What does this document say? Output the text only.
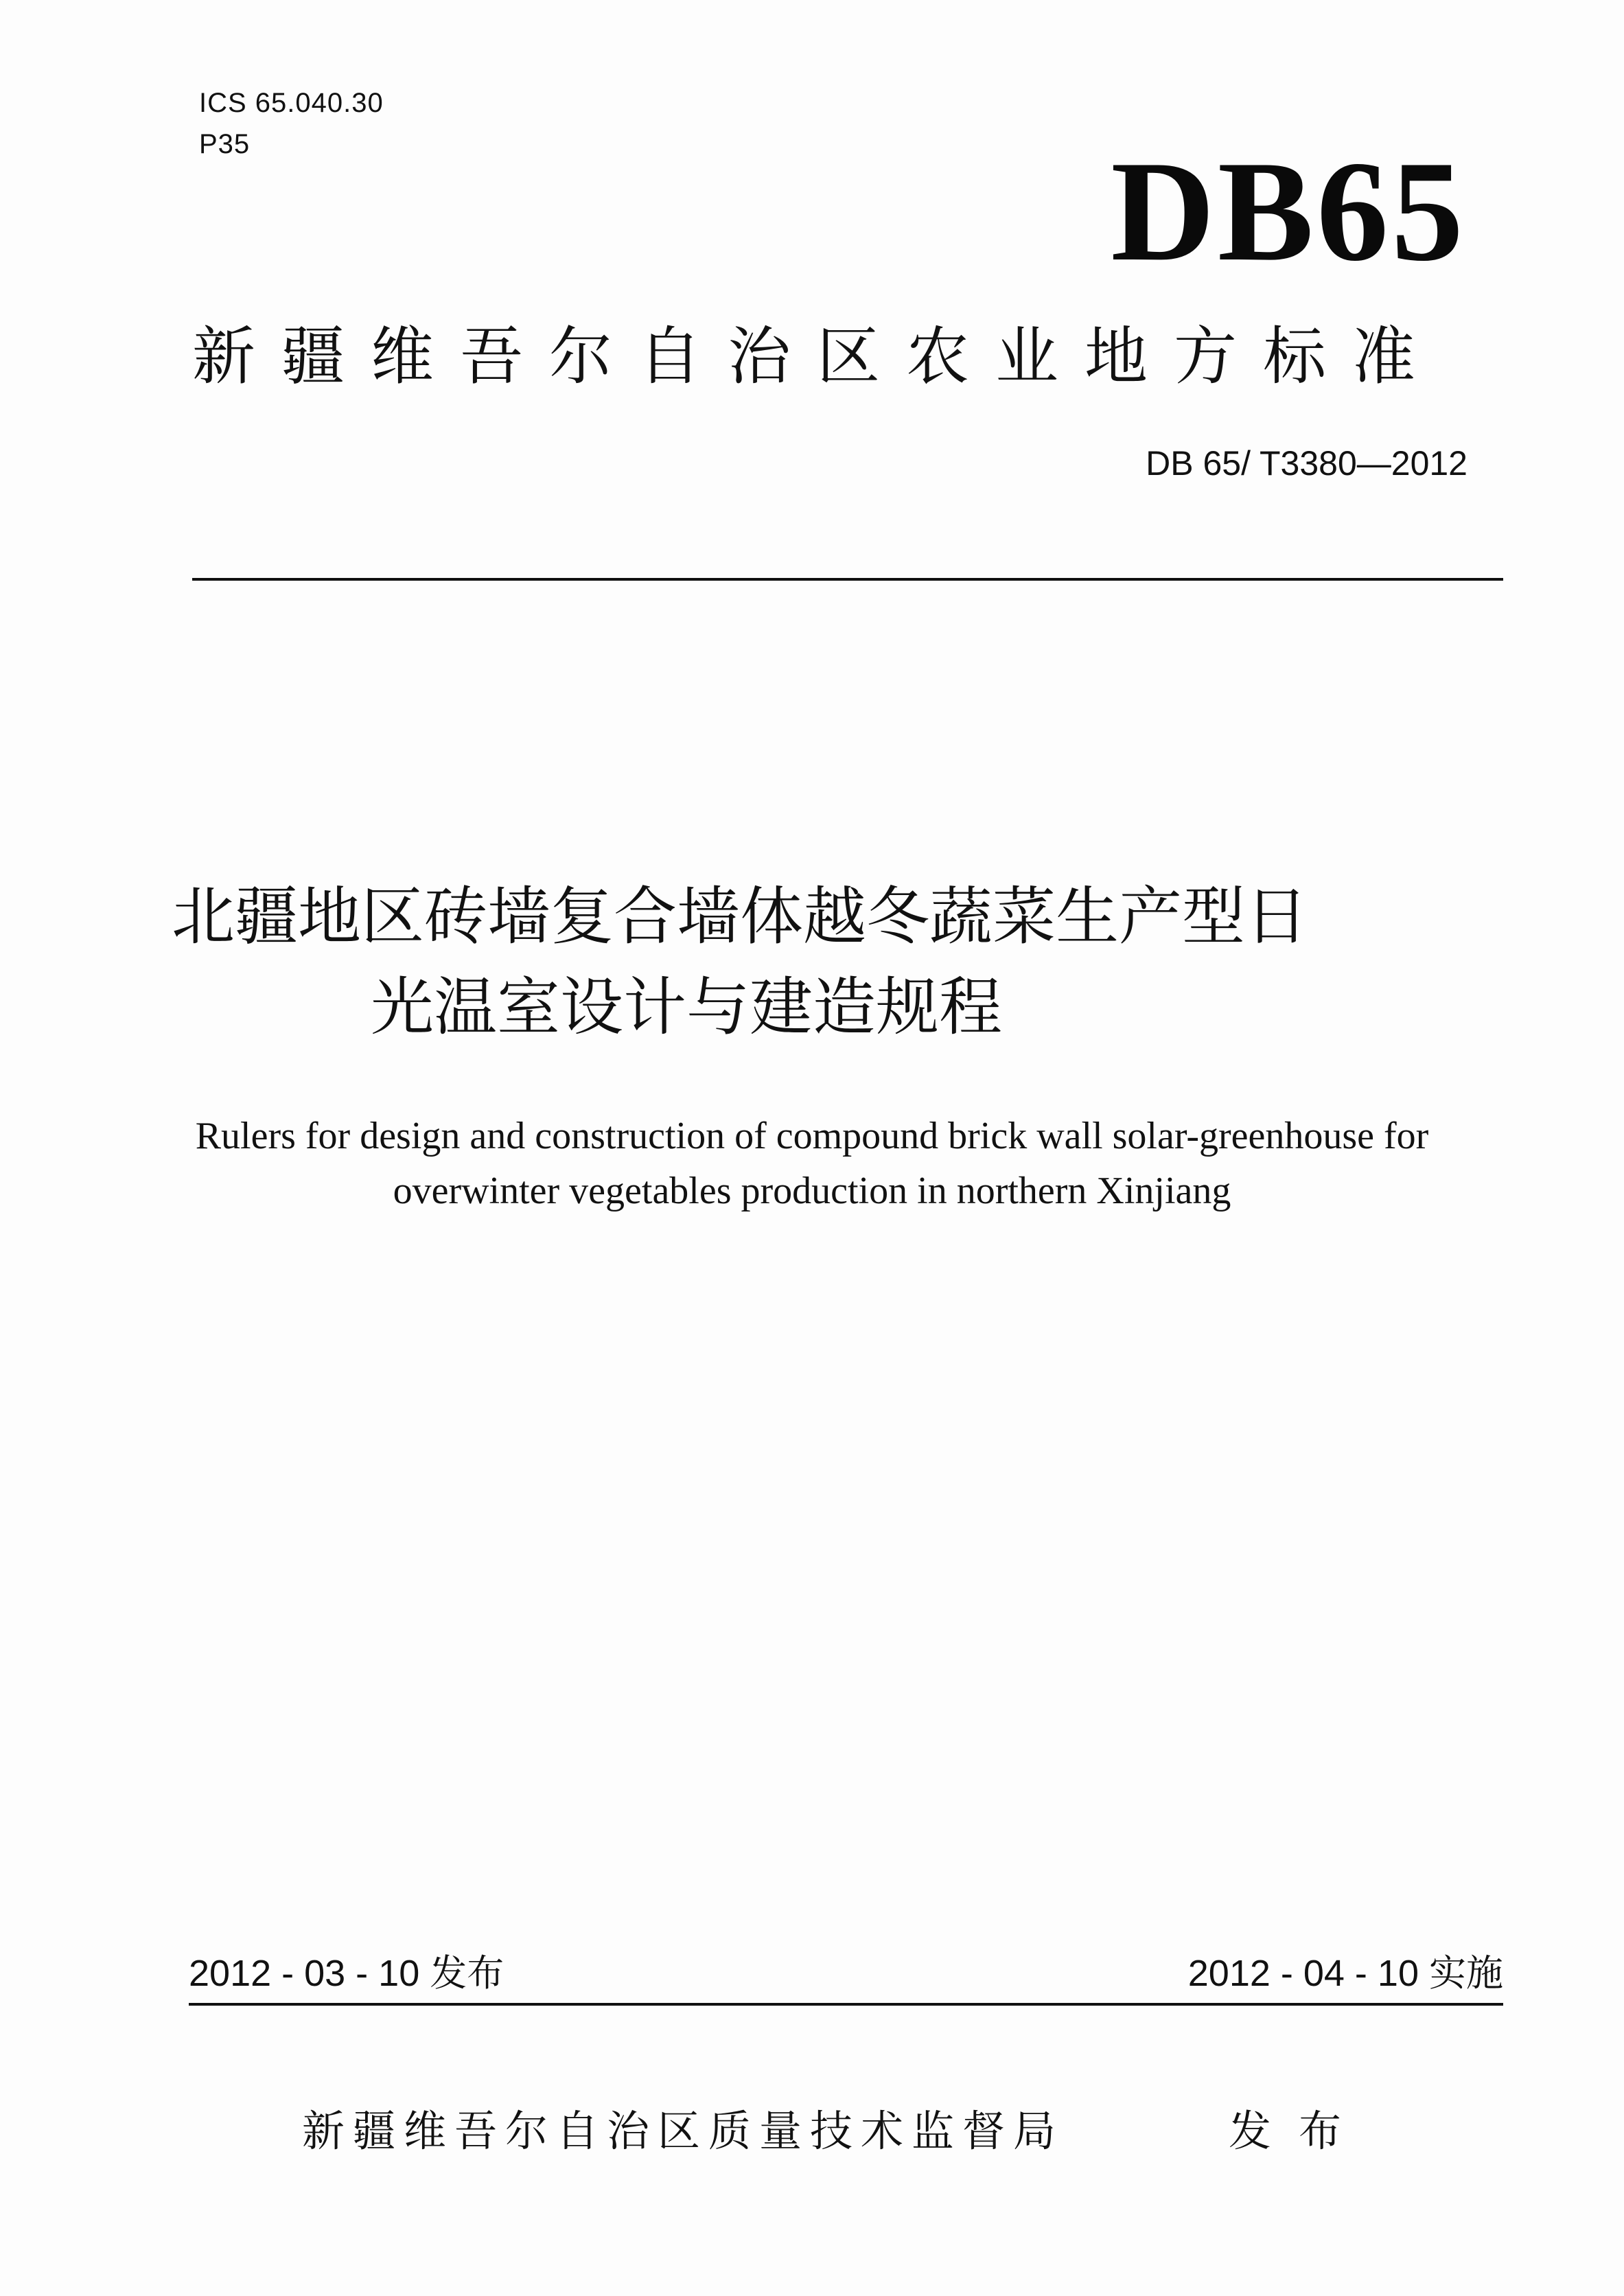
ICS 65.040.30
P35	DB65
新疆维吾尔自治区农业地方标准
DB 65/ T3380—2012
北疆地区砖墙复合墙体越冬蔬菜生产型日
光温室设计与建造规程
Rulers for design and construction of compound brick wall solar-greenhouse for
overwinter vegetables production in northern Xinjiang
2012 - 03 - 10 发布	2012 - 04 - 10 实施
新疆维吾尔自治区质量技术监督局	发布
